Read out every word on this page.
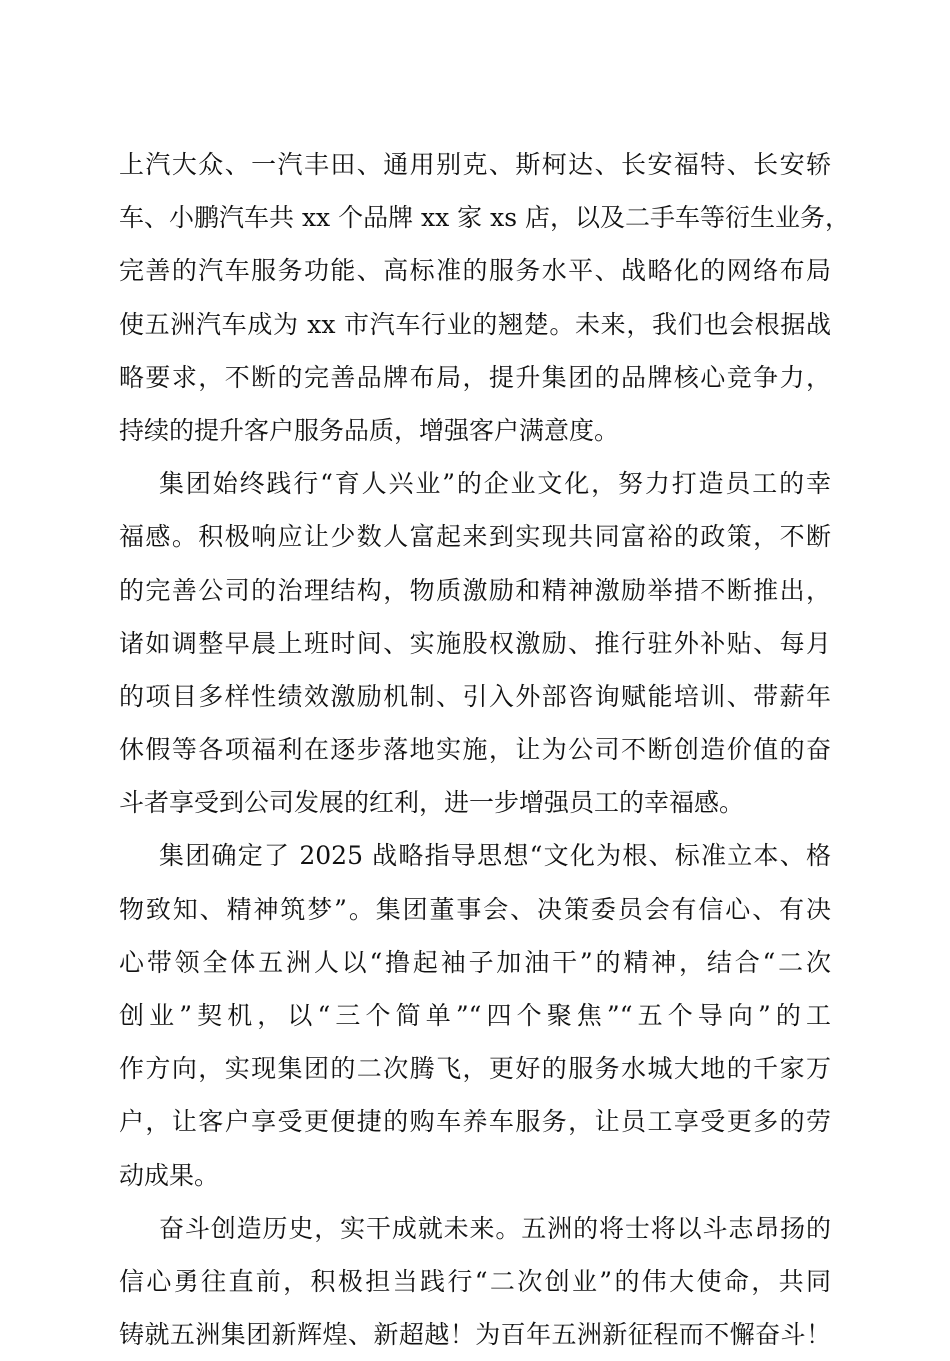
上汽大众、一汽丰田、通用别克、斯柯达、长安福特、长安轿
车、小鹏汽车共 xx 个品牌 xx 家 xs 店，以及二手车等衍生业务，
完善的汽车服务功能、高标准的服务水平、战略化的网络布局
使五洲汽车成为 xx 市汽车行业的翘楚。未来，我们也会根据战
略要求，不断的完善品牌布局，提升集团的品牌核心竞争力，
持续的提升客户服务品质，增强客户满意度。
集团始终践行“育人兴业”的企业文化，努力打造员工的幸
福感。积极响应让少数人富起来到实现共同富裕的政策，不断
的完善公司的治理结构，物质激励和精神激励举措不断推出，
诸如调整早晨上班时间、实施股权激励、推行驻外补贴、每月
的项目多样性绩效激励机制、引入外部咨询赋能培训、带薪年
休假等各项福利在逐步落地实施，让为公司不断创造价值的奋
斗者享受到公司发展的红利，进一步增强员工的幸福感。
集团确定了 2025 战略指导思想“文化为根、标准立本、格
物致知、精神筑梦”。集团董事会、决策委员会有信心、有决
心带领全体五洲人以“撸起袖子加油干”的精神，结合“二次
创业”契机，以“三个简单”“四个聚焦”“五个导向”的工
作方向，实现集团的二次腾飞，更好的服务水城大地的千家万
户，让客户享受更便捷的购车养车服务，让员工享受更多的劳
动成果。
奋斗创造历史，实干成就未来。五洲的将士将以斗志昂扬的
信心勇往直前，积极担当践行“二次创业”的伟大使命，共同
铸就五洲集团新辉煌、新超越！为百年五洲新征程而不懈奋斗！
